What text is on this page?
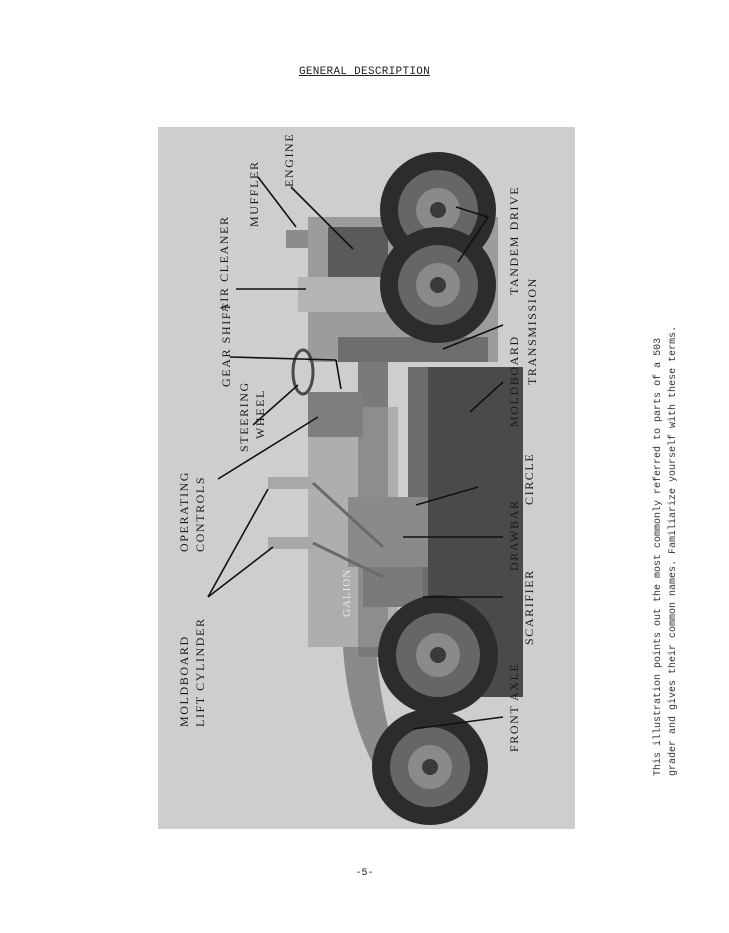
GENERAL DESCRIPTION
GALION
MUFFLER
ENGINE
AIR CLEANER
GEAR SHIFT
STEERING WHEEL
OPERATING CONTROLS
MOLDBOARD LIFT CYLINDER
TANDEM DRIVE
TRANSMISSION
MOLDBOARD
CIRCLE
DRAWBAR
SCARIFIER
FRONT AXLE	This illustration points out the most commonly referred to parts of a 503 grader and gives their common names. Familiarize yourself with these terms.
-5-
